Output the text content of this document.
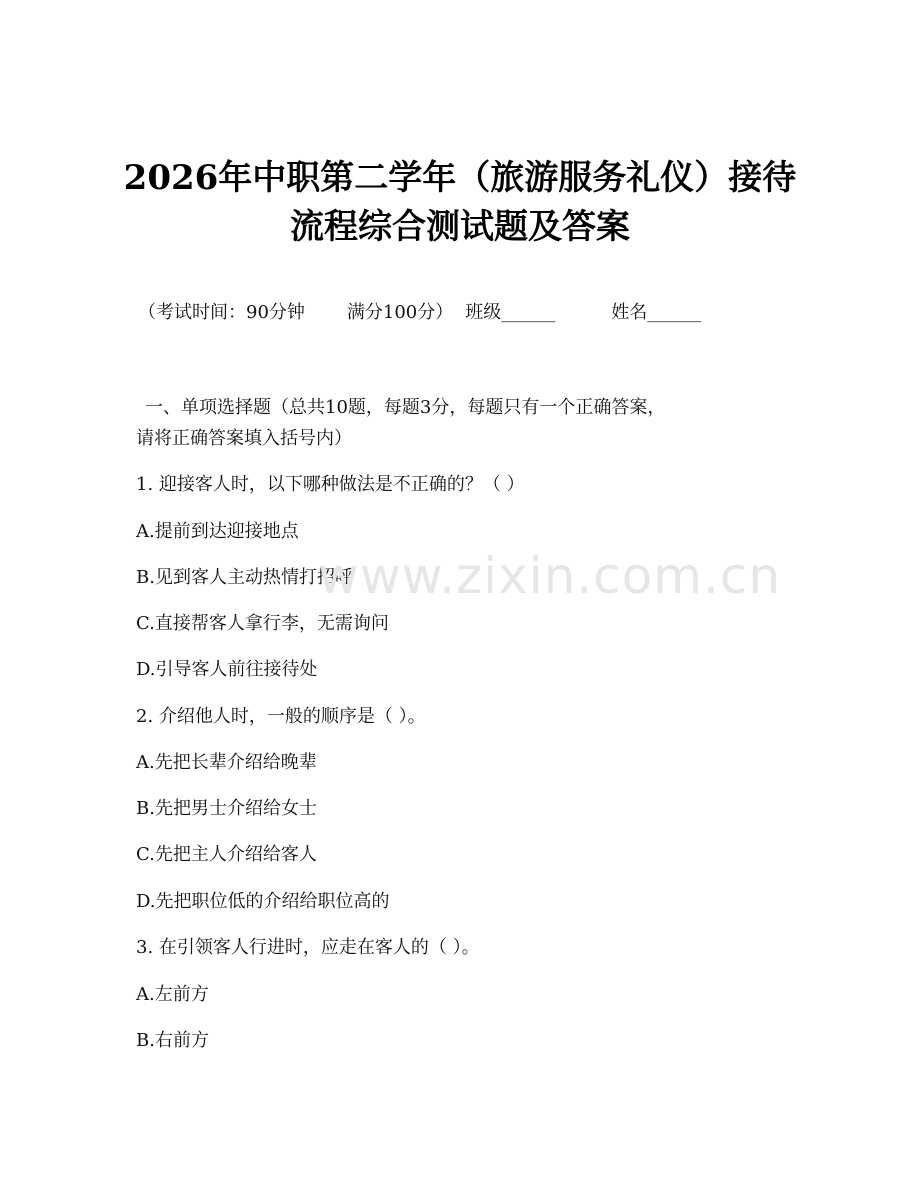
2026年中职第二学年（旅游服务礼仪）接待
流程综合测试题及答案
（考试时间：90分钟 满分100分） 班级______	姓名______
一、单项选择题（总共10题，每题3分，每题只有一个正确答案，
请将正确答案填入括号内）
1. 迎接客人时，以下哪种做法是不正确的？（ ）
A.提前到达迎接地点
B.见到客人主动热情打招呼
C.直接帮客人拿行李，无需询问
D.引导客人前往接待处
2. 介绍他人时，一般的顺序是（ ）。
A.先把长辈介绍给晚辈
B.先把男士介绍给女士
C.先把主人介绍给客人
D.先把职位低的介绍给职位高的
3. 在引领客人行进时，应走在客人的（ ）。
A.左前方
B.右前方
www.zixin.com.cn
